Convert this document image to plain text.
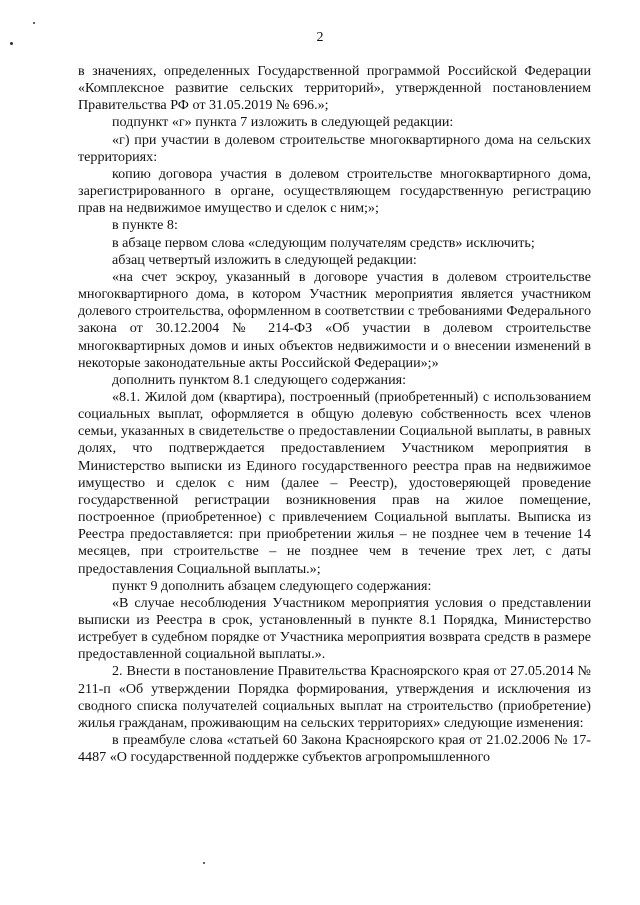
2

в значениях, определенных Государственной программой Российской Федерации «Комплексное развитие сельских территорий», утвержденной постановлением Правительства РФ от 31.05.2019 № 696.»;

подпункт «г» пункта 7 изложить в следующей редакции:

«г) при участии в долевом строительстве многоквартирного дома на сельских территориях:

копию договора участия в долевом строительстве многоквартирного дома, зарегистрированного в органе, осуществляющем государственную регистрацию прав на недвижимое имущество и сделок с ним;»;

в пункте 8:

в абзаце первом слова «следующим получателям средств» исключить;

абзац четвертый изложить в следующей редакции:

«на счет эскроу, указанный в договоре участия в долевом строительстве многоквартирного дома, в котором Участник мероприятия является участником долевого строительства, оформленном в соответствии с требованиями Федерального закона от 30.12.2004 № 214-ФЗ «Об участии в долевом строительстве многоквартирных домов и иных объектов недвижимости и о внесении изменений в некоторые законодательные акты Российской Федерации»;»

дополнить пунктом 8.1 следующего содержания:

«8.1. Жилой дом (квартира), построенный (приобретенный) с использованием социальных выплат, оформляется в общую долевую собственность всех членов семьи, указанных в свидетельстве о предоставлении Социальной выплаты, в равных долях, что подтверждается предоставлением Участником мероприятия в Министерство выписки из Единого государственного реестра прав на недвижимое имущество и сделок с ним (далее – Реестр), удостоверяющей проведение государственной регистрации возникновения прав на жилое помещение, построенное (приобретенное) с привлечением Социальной выплаты. Выписка из Реестра предоставляется: при приобретении жилья – не позднее чем в течение 14 месяцев, при строительстве – не позднее чем в течение трех лет, с даты предоставления Социальной выплаты.»;

пункт 9 дополнить абзацем следующего содержания:

«В случае несоблюдения Участником мероприятия условия о представлении выписки из Реестра в срок, установленный в пункте 8.1 Порядка, Министерство истребует в судебном порядке от Участника мероприятия возврата средств в размере предоставленной социальной выплаты.».

2. Внести в постановление Правительства Красноярского края от 27.05.2014 № 211-п «Об утверждении Порядка формирования, утверждения и исключения из сводного списка получателей социальных выплат на строительство (приобретение) жилья гражданам, проживающим на сельских территориях» следующие изменения:

в преамбуле слова «статьей 60 Закона Красноярского края от 21.02.2006 № 17-4487 «О государственной поддержке субъектов агропромышленного
